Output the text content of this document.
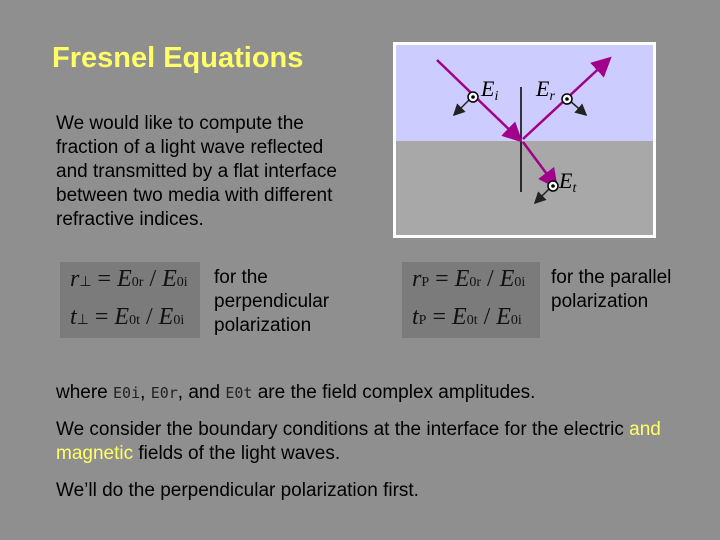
Fresnel Equations
We would like to compute the fraction of a light wave reflected and transmitted by a flat interface between two media with different refractive indices.
Ei Er
Et
r⊥ = E0r / E0i
t⊥ = E0t / E0i
for the perpendicular polarization
rP = E0r / E0i
tP = E0t / E0i
for the parallel polarization
where E0i, E0r, and E0t are the field complex amplitudes.
We consider the boundary conditions at the interface for the electric and magnetic fields of the light waves.
We’ll do the perpendicular polarization first.
